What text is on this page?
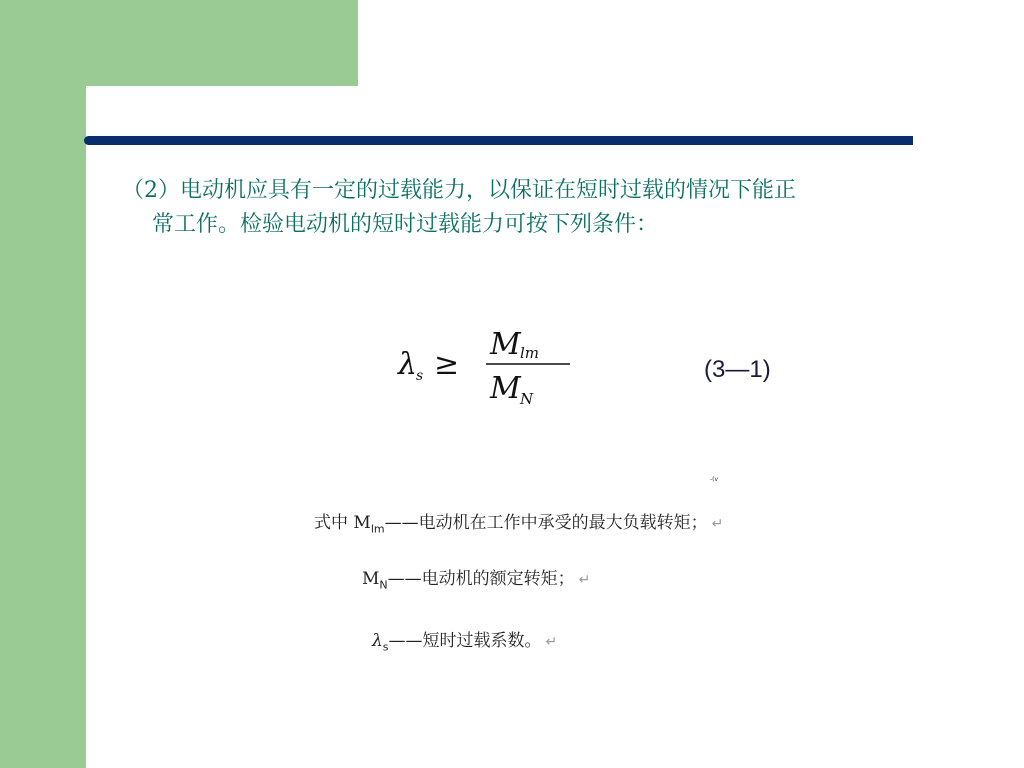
（2）电动机应具有一定的过载能力，以保证在短时过载的情况下能正
常工作。检验电动机的短时过载能力可按下列条件：

λ
s ≥
M lm
M N
(3—1)
-(v
式中 $M_{lm}——$电动机在工作中承受的最大负载转矩； ↵
$M_N——$电动机的额定转矩； ↵
$\lambda_s——$短时过载系数。 ↵
